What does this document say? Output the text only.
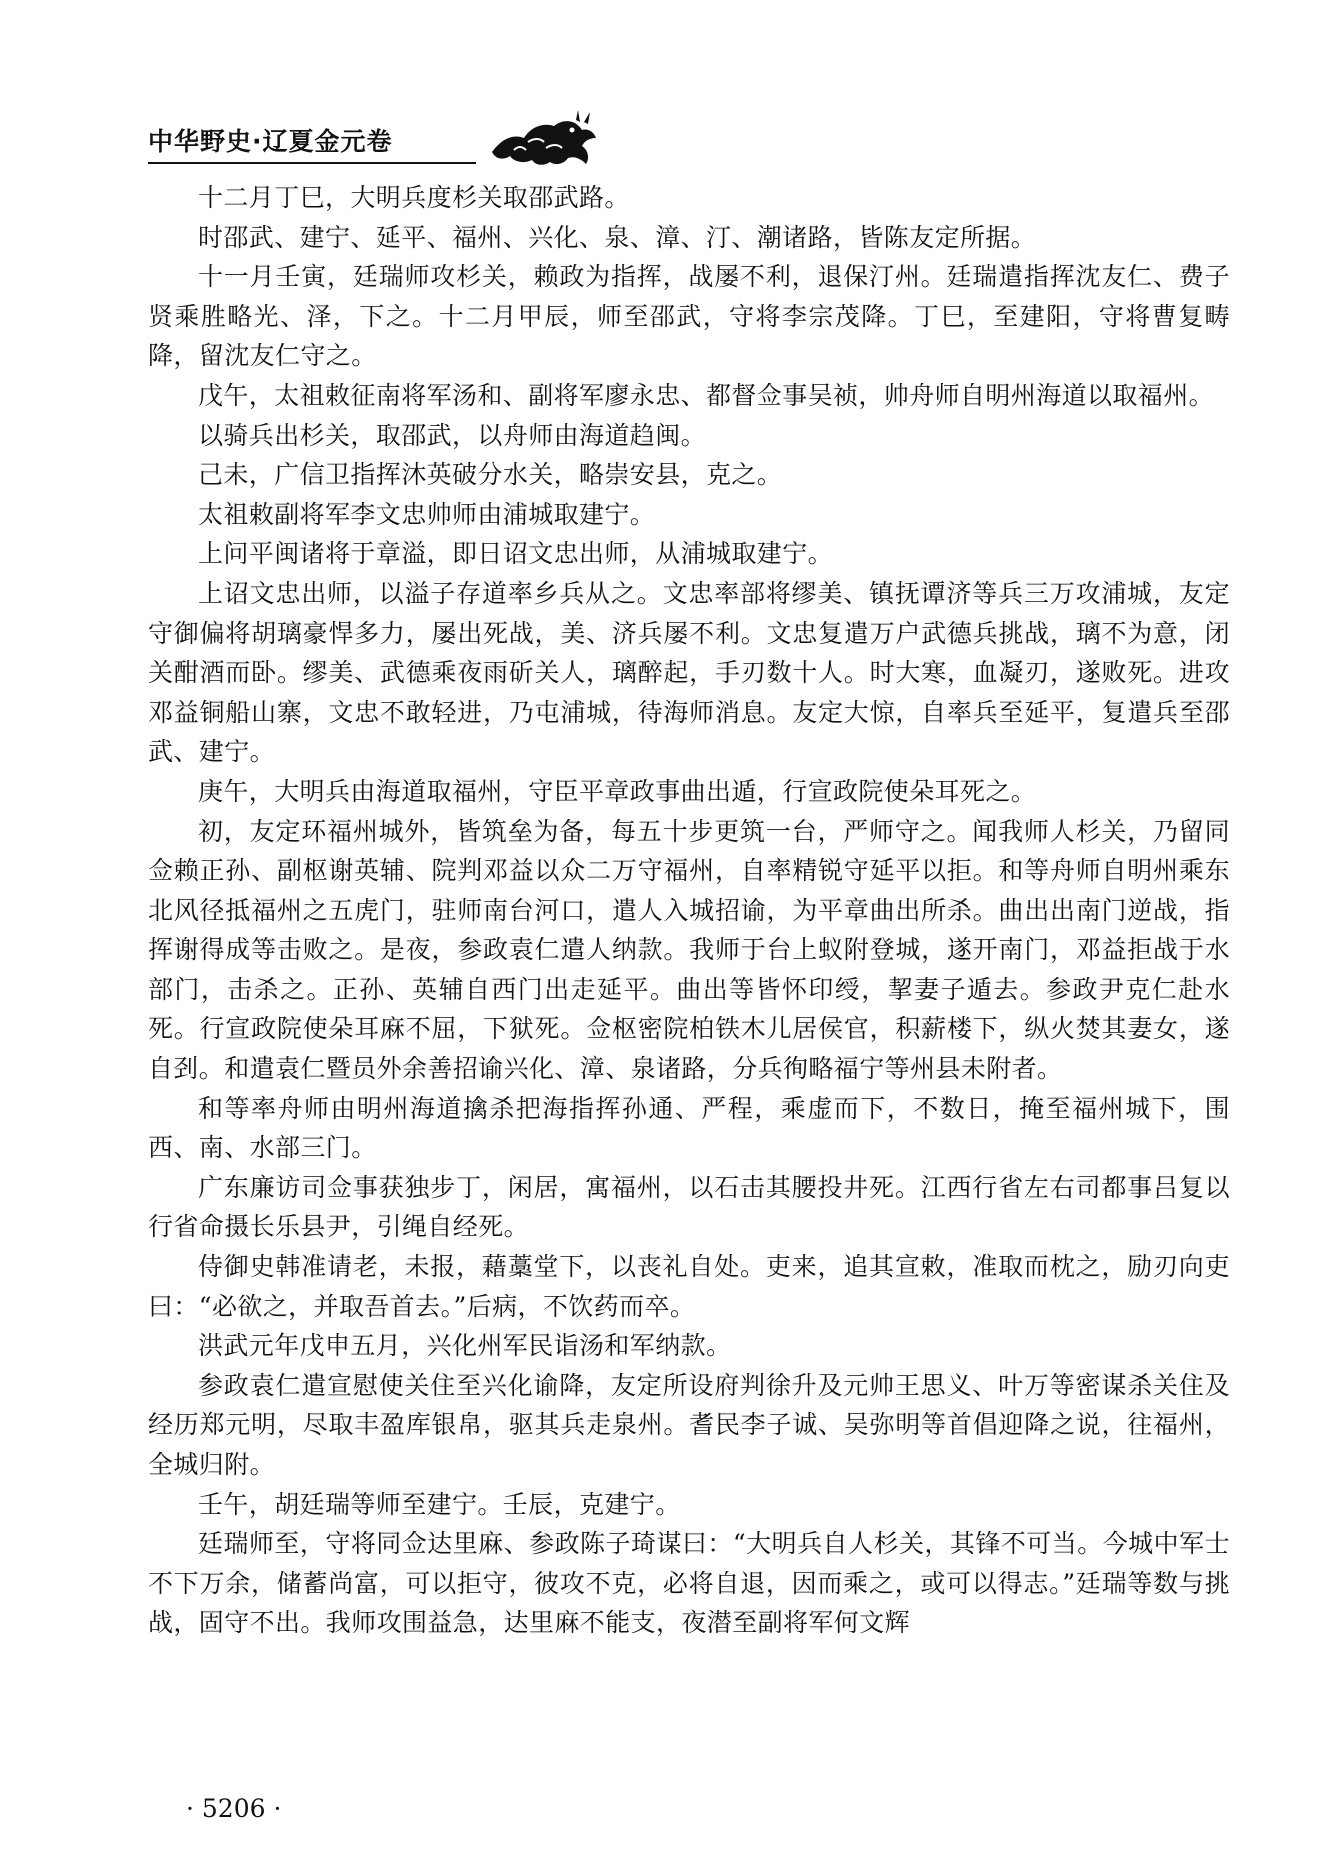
中华野史·辽夏金元卷

十二月丁巳，大明兵度杉关取邵武路。

时邵武、建宁、延平、福州、兴化、泉、漳、汀、潮诸路，皆陈友定所据。

十一月壬寅，廷瑞师攻杉关，赖政为指挥，战屡不利，退保汀州。廷瑞遣指挥沈友仁、费子贤乘胜略光、泽，下之。十二月甲辰，师至邵武，守将李宗茂降。丁巳，至建阳，守将曹复畴降，留沈友仁守之。

戊午，太祖敕征南将军汤和、副将军廖永忠、都督佥事吴祯，帅舟师自明州海道以取福州。

以骑兵出杉关，取邵武，以舟师由海道趋闽。

己未，广信卫指挥沐英破分水关，略崇安县，克之。

太祖敕副将军李文忠帅师由浦城取建宁。

上问平闽诸将于章溢，即日诏文忠出师，从浦城取建宁。

上诏文忠出师，以溢子存道率乡兵从之。文忠率部将缪美、镇抚谭济等兵三万攻浦城，友定守御偏将胡璃豪悍多力，屡出死战，美、济兵屡不利。文忠复遣万户武德兵挑战，璃不为意，闭关酣酒而卧。缪美、武德乘夜雨斫关人，璃醉起，手刃数十人。时大寒，血凝刃，遂败死。进攻邓益铜船山寨，文忠不敢轻进，乃屯浦城，待海师消息。友定大惊，自率兵至延平，复遣兵至邵武、建宁。

庚午，大明兵由海道取福州，守臣平章政事曲出遁，行宣政院使朵耳死之。

初，友定环福州城外，皆筑垒为备，每五十步更筑一台，严师守之。闻我师人杉关，乃留同佥赖正孙、副枢谢英辅、院判邓益以众二万守福州，自率精锐守延平以拒。和等舟师自明州乘东北风径抵福州之五虎门，驻师南台河口，遣人入城招谕，为平章曲出所杀。曲出出南门逆战，指挥谢得成等击败之。是夜，参政袁仁遣人纳款。我师于台上蚁附登城，遂开南门，邓益拒战于水部门，击杀之。正孙、英辅自西门出走延平。曲出等皆怀印绶，挈妻子遁去。参政尹克仁赴水死。行宣政院使朵耳麻不屈，下狱死。佥枢密院柏铁木儿居侯官，积薪楼下，纵火焚其妻女，遂自刭。和遣袁仁暨员外余善招谕兴化、漳、泉诸路，分兵徇略福宁等州县未附者。

和等率舟师由明州海道擒杀把海指挥孙通、严程，乘虚而下，不数日，掩至福州城下，围西、南、水部三门。

广东廉访司佥事获独步丁，闲居，寓福州，以石击其腰投井死。江西行省左右司都事吕复以行省命摄长乐县尹，引绳自经死。

侍御史韩准请老，未报，藉藁堂下，以丧礼自处。吏来，追其宣敕，准取而枕之，励刃向吏曰：“必欲之，并取吾首去。”后病，不饮药而卒。

洪武元年戊申五月，兴化州军民诣汤和军纳款。

参政袁仁遣宣慰使关住至兴化谕降，友定所设府判徐升及元帅王思义、叶万等密谋杀关住及经历郑元明，尽取丰盈库银帛，驱其兵走泉州。耆民李子诚、吴弥明等首倡迎降之说，往福州，全城归附。

壬午，胡廷瑞等师至建宁。壬辰，克建宁。

廷瑞师至，守将同佥达里麻、参政陈子琦谋曰：“大明兵自人杉关，其锋不可当。今城中军士不下万余，储蓄尚富，可以拒守，彼攻不克，必将自退，因而乘之，或可以得志。”廷瑞等数与挑战，固守不出。我师攻围益急，达里麻不能支，夜潜至副将军何文辉

· 5206 ·
